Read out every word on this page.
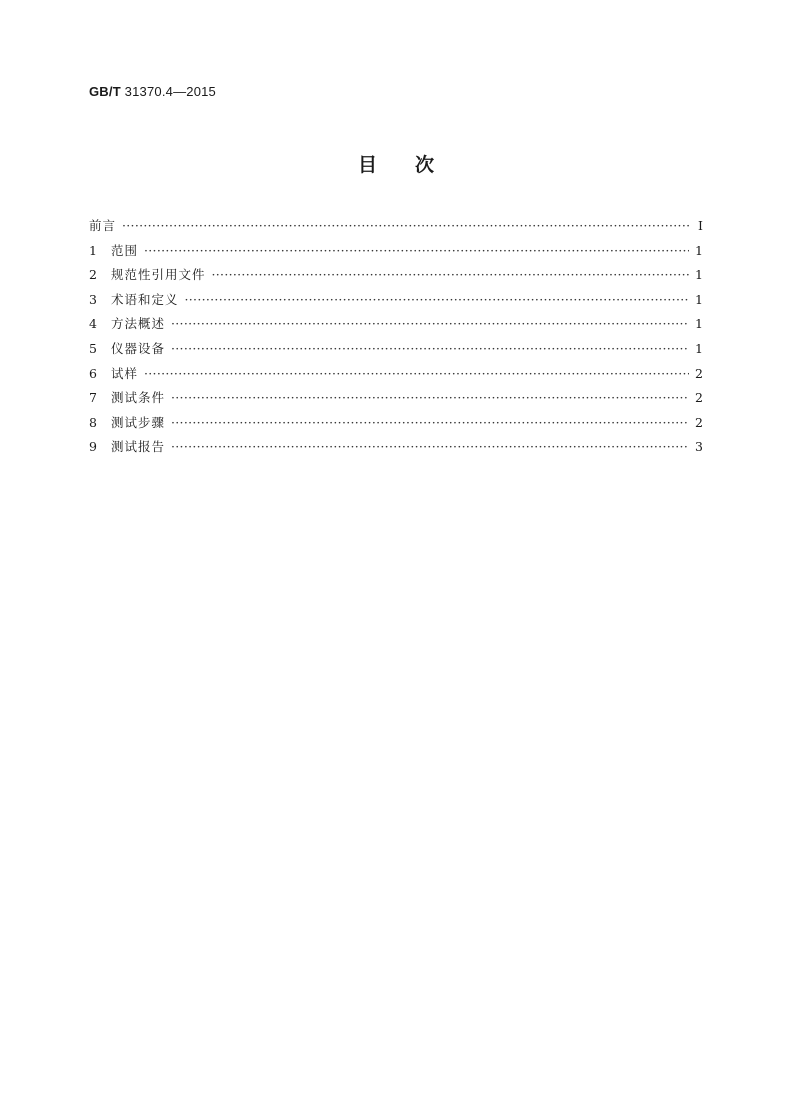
GB/T 31370.4—2015
目次
前言 ·····	I
1	范围 ·····	1
2	规范性引用文件 ·····	1
3	术语和定义 ·····	1
4	方法概述 ·····	1
5	仪器设备 ·····	1
6	试样 ·····	2
7	测试条件 ·····	2
8	测试步骤 ·····	2
9	测试报告 ·····	3
